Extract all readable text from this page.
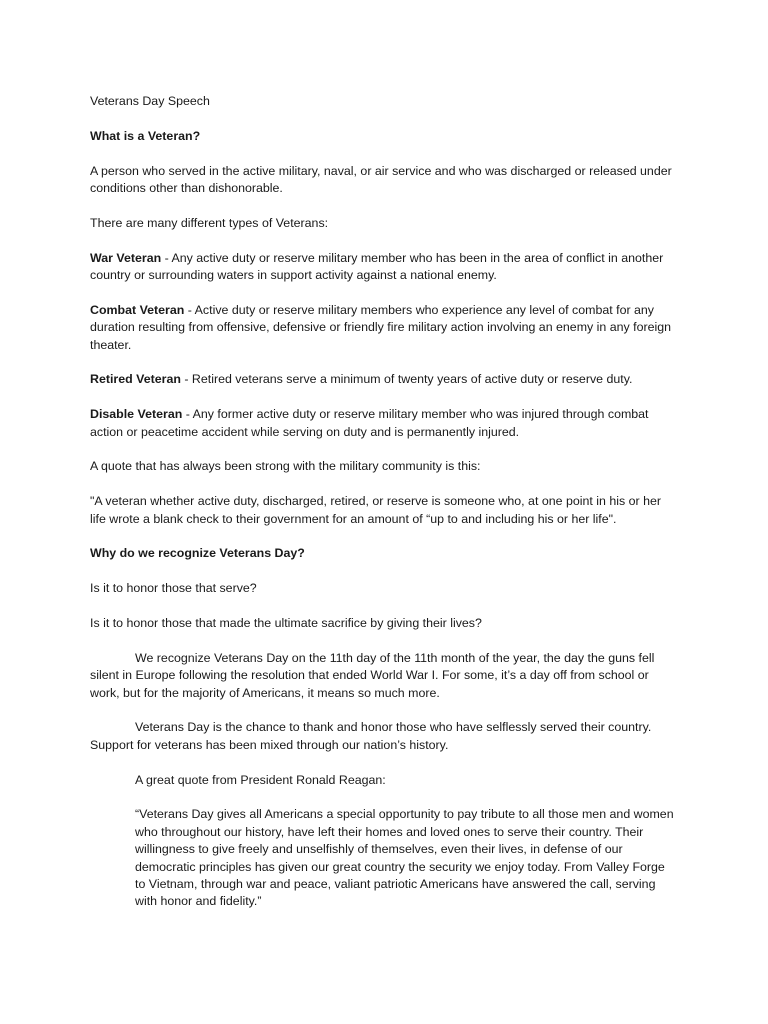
Veterans Day Speech

What is a Veteran?

A person who served in the active military, naval, or air service and who was discharged or released under conditions other than dishonorable.

There are many different types of Veterans:

War Veteran - Any active duty or reserve military member who has been in the area of conflict in another country or surrounding waters in support activity against a national enemy.

Combat Veteran - Active duty or reserve military members who experience any level of combat for any duration resulting from offensive, defensive or friendly fire military action involving an enemy in any foreign theater.

Retired Veteran - Retired veterans serve a minimum of twenty years of active duty or reserve duty.

Disable Veteran - Any former active duty or reserve military member who was injured through combat action or peacetime accident while serving on duty and is permanently injured.

A quote that has always been strong with the military community is this:

"A veteran whether active duty, discharged, retired, or reserve is someone who, at one point in his or her life wrote a blank check to their government for an amount of “up to and including his or her life".

Why do we recognize Veterans Day?

Is it to honor those that serve?

Is it to honor those that made the ultimate sacrifice by giving their lives?

We recognize Veterans Day on the 11th day of the 11th month of the year, the day the guns fell silent in Europe following the resolution that ended World War I. For some, it’s a day off from school or work, but for the majority of Americans, it means so much more.

Veterans Day is the chance to thank and honor those who have selflessly served their country. Support for veterans has been mixed through our nation’s history.

A great quote from President Ronald Reagan:

“Veterans Day gives all Americans a special opportunity to pay tribute to all those men and women who throughout our history, have left their homes and loved ones to serve their country. Their willingness to give freely and unselfishly of themselves, even their lives, in defense of our democratic principles has given our great country the security we enjoy today. From Valley Forge to Vietnam, through war and peace, valiant patriotic Americans have answered the call, serving with honor and fidelity.”
